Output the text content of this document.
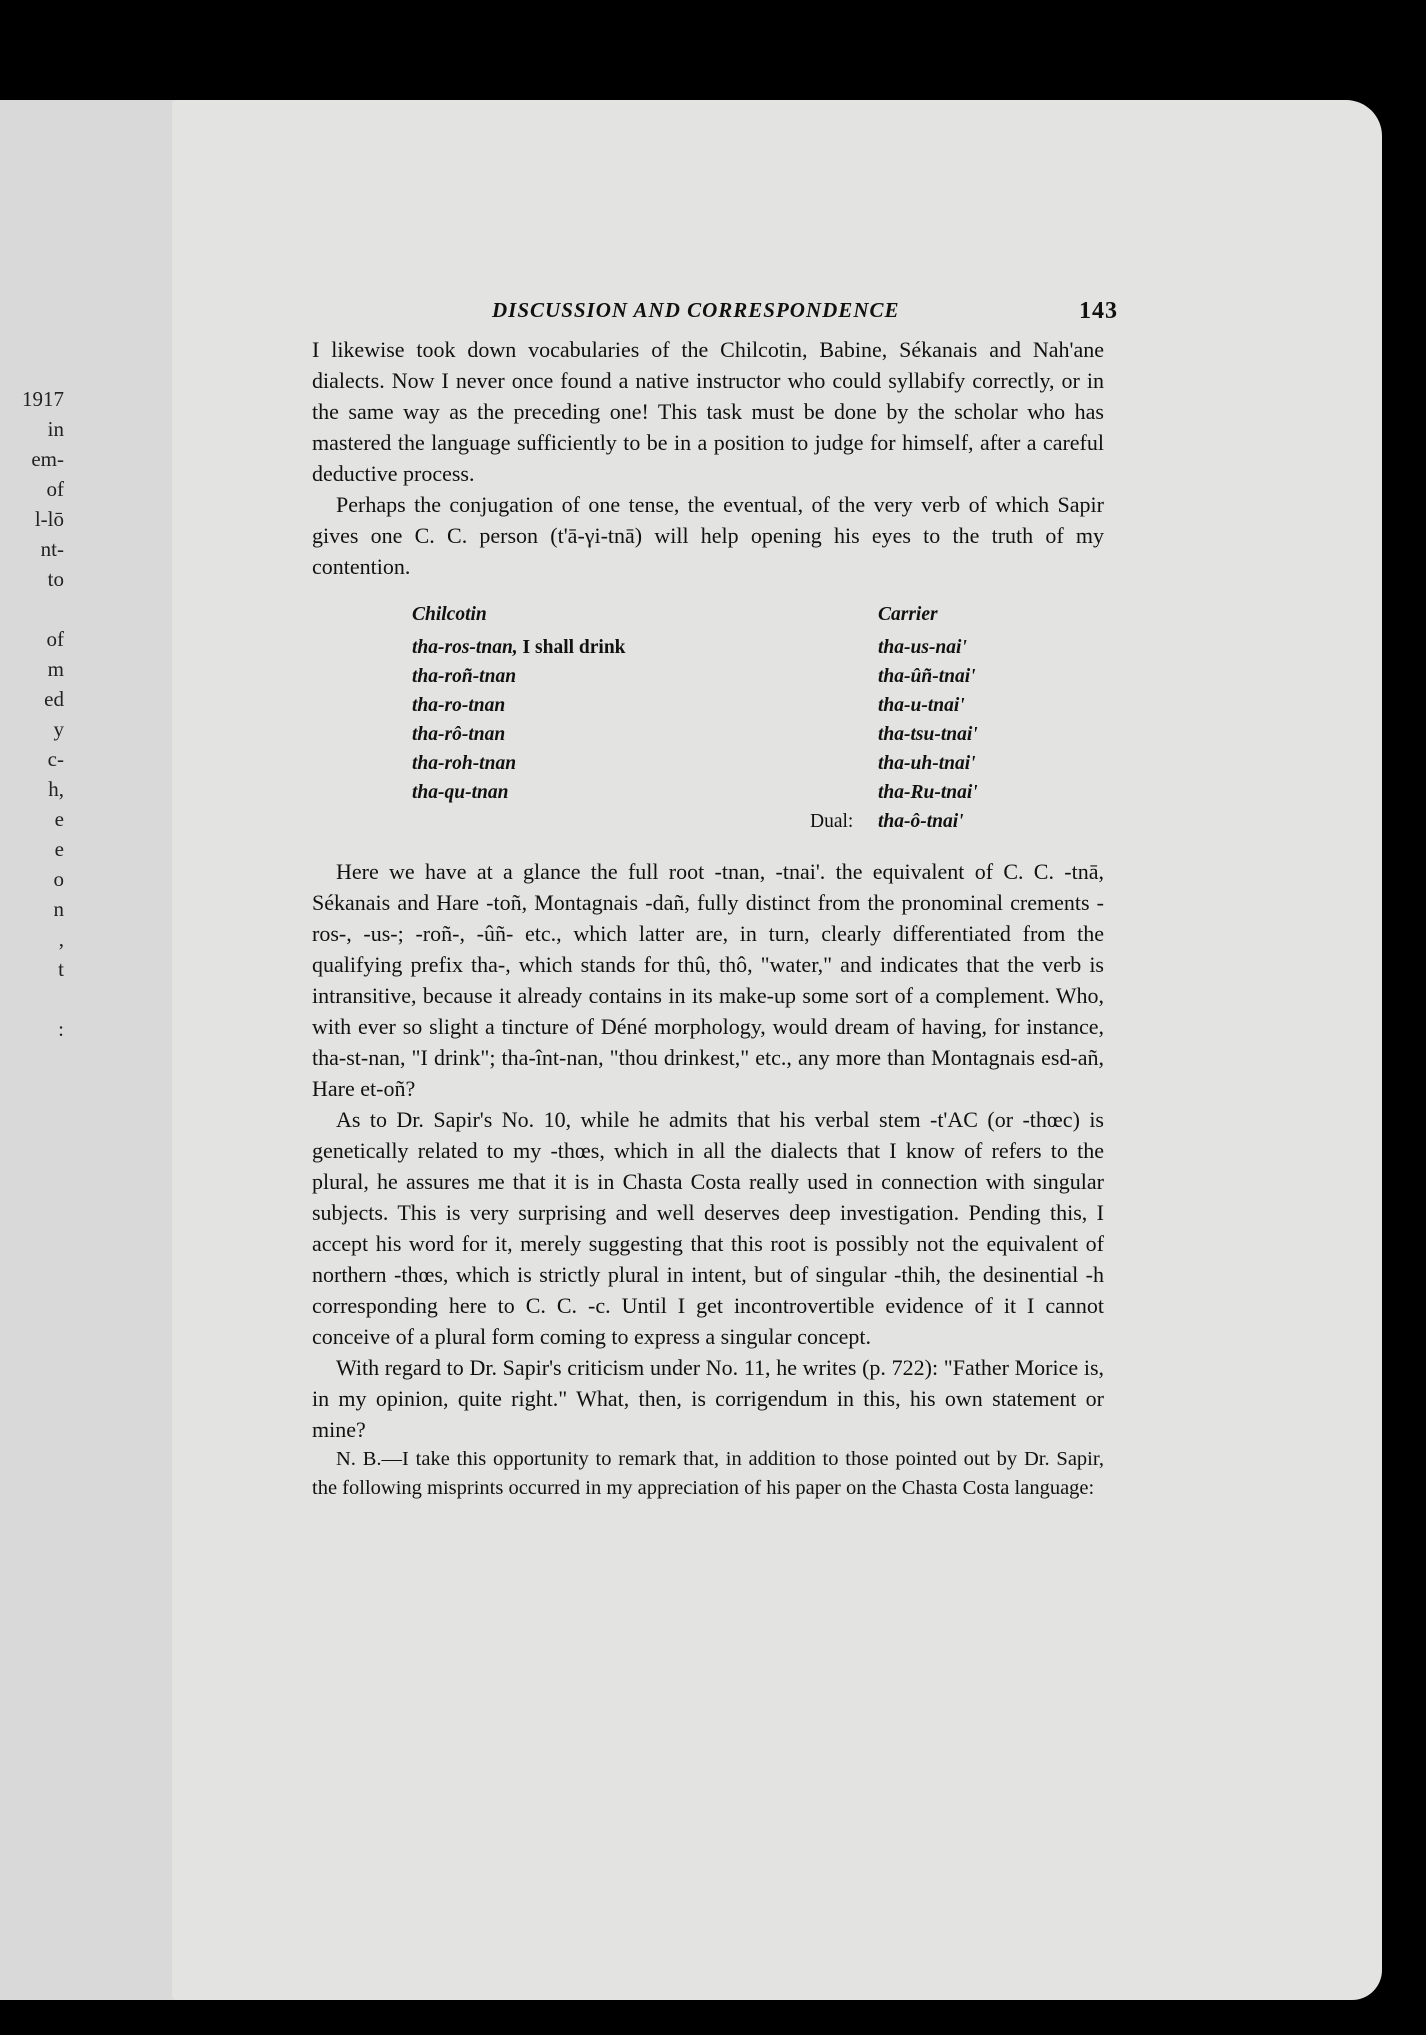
1917
in
em-
of
l-lō
nt-
to
of
m
ed
y
c-
h,
e
e
o
n
,
t
:
DISCUSSION AND CORRESPONDENCE	143

I likewise took down vocabularies of the Chilcotin, Babine, Sékanais and Nah'ane dialects. Now I never once found a native instructor who could syllabify correctly, or in the same way as the preceding one! This task must be done by the scholar who has mastered the language sufficiently to be in a position to judge for himself, after a careful deductive process.

Perhaps the conjugation of one tense, the eventual, of the very verb of which Sapir gives one C. C. person (t'ā-γi-tnā) will help opening his eyes to the truth of my contention.

Chilcotin
tha-ros-tnan, I shall drink
tha-roñ-tnan
tha-ro-tnan
tha-rô-tnan
tha-roh-tnan
tha-qu-tnan
Carrier
tha-us-nai'
tha-ûñ-tnai'
tha-u-tnai'
tha-tsu-tnai'
tha-uh-tnai'
tha-Ru-tnai'
Dual: tha-ô-tnai'

Here we have at a glance the full root -tnan, -tnai'. the equivalent of C. C. -tnā, Sékanais and Hare -toñ, Montagnais -dañ, fully distinct from the pronominal crements -ros-, -us-; -roñ-, -ûñ- etc., which latter are, in turn, clearly differentiated from the qualifying prefix tha-, which stands for thû, thô, "water," and indicates that the verb is intransitive, because it already contains in its make-up some sort of a complement. Who, with ever so slight a tincture of Déné morphology, would dream of having, for instance, tha-st-nan, "I drink"; tha-înt-nan, "thou drinkest," etc., any more than Montagnais esd-añ, Hare et-oñ?

As to Dr. Sapir's No. 10, while he admits that his verbal stem -t'AC (or -thœc) is genetically related to my -thœs, which in all the dialects that I know of refers to the plural, he assures me that it is in Chasta Costa really used in connection with singular subjects. This is very surprising and well deserves deep investigation. Pending this, I accept his word for it, merely suggesting that this root is possibly not the equivalent of northern -thœs, which is strictly plural in intent, but of singular -thih, the desinential -h corresponding here to C. C. -c. Until I get incontrovertible evidence of it I cannot conceive of a plural form coming to express a singular concept.

With regard to Dr. Sapir's criticism under No. 11, he writes (p. 722): "Father Morice is, in my opinion, quite right." What, then, is corrigendum in this, his own statement or mine?

N. B.—I take this opportunity to remark that, in addition to those pointed out by Dr. Sapir, the following misprints occurred in my appreciation of his paper on the Chasta Costa language:
